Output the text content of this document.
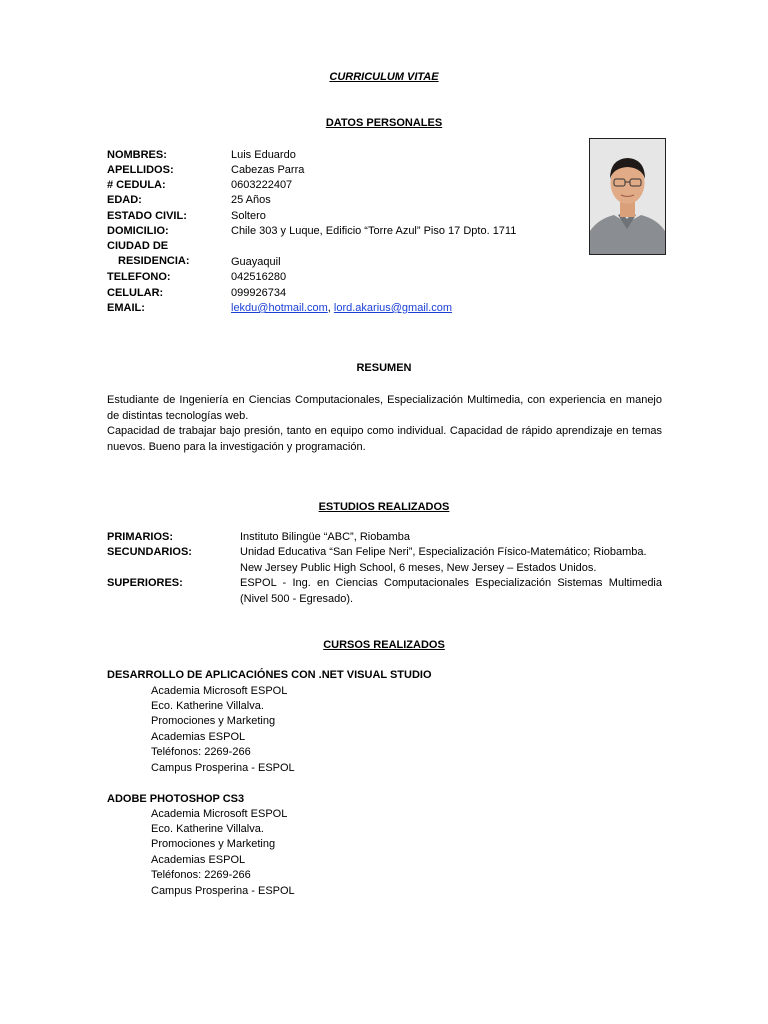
CURRICULUM VITAE
DATOS PERSONALES
NOMBRES:	Luis Eduardo
APELLIDOS:	Cabezas Parra
# CEDULA:	0603222407
EDAD:	25 Años
ESTADO CIVIL:	Soltero
DOMICILIO:	Chile 303 y Luque, Edificio “Torre Azul” Piso 17 Dpto. 1711
CIUDAD DE
RESIDENCIA:	Guayaquil
TELEFONO:	042516280
CELULAR:	099926734
EMAIL:	lekdu@hotmail.com, lord.akarius@gmail.com
RESUMEN
Estudiante de Ingeniería en Ciencias Computacionales, Especialización Multimedia, con experiencia en manejo de distintas tecnologías web.
Capacidad de trabajar bajo presión, tanto en equipo como individual. Capacidad de rápido aprendizaje en temas nuevos. Bueno para la investigación y programación.
ESTUDIOS REALIZADOS
PRIMARIOS:	Instituto Bilingüe “ABC”, Riobamba
SECUNDARIOS:	Unidad Educativa “San Felipe Neri”, Especialización Físico-Matemático; Riobamba.
New Jersey Public High School, 6 meses, New Jersey – Estados Unidos.
SUPERIORES:	ESPOL - Ing. en Ciencias Computacionales Especialización Sistemas Multimedia (Nivel 500 - Egresado).
CURSOS REALIZADOS
DESARROLLO DE APLICACIÓNES CON .NET VISUAL STUDIO
Academia Microsoft ESPOL
Eco. Katherine Villalva.
Promociones y Marketing
Academias ESPOL
Teléfonos: 2269-266
Campus Prosperina - ESPOL
ADOBE PHOTOSHOP CS3
Academia Microsoft ESPOL
Eco. Katherine Villalva.
Promociones y Marketing
Academias ESPOL
Teléfonos: 2269-266
Campus Prosperina - ESPOL
